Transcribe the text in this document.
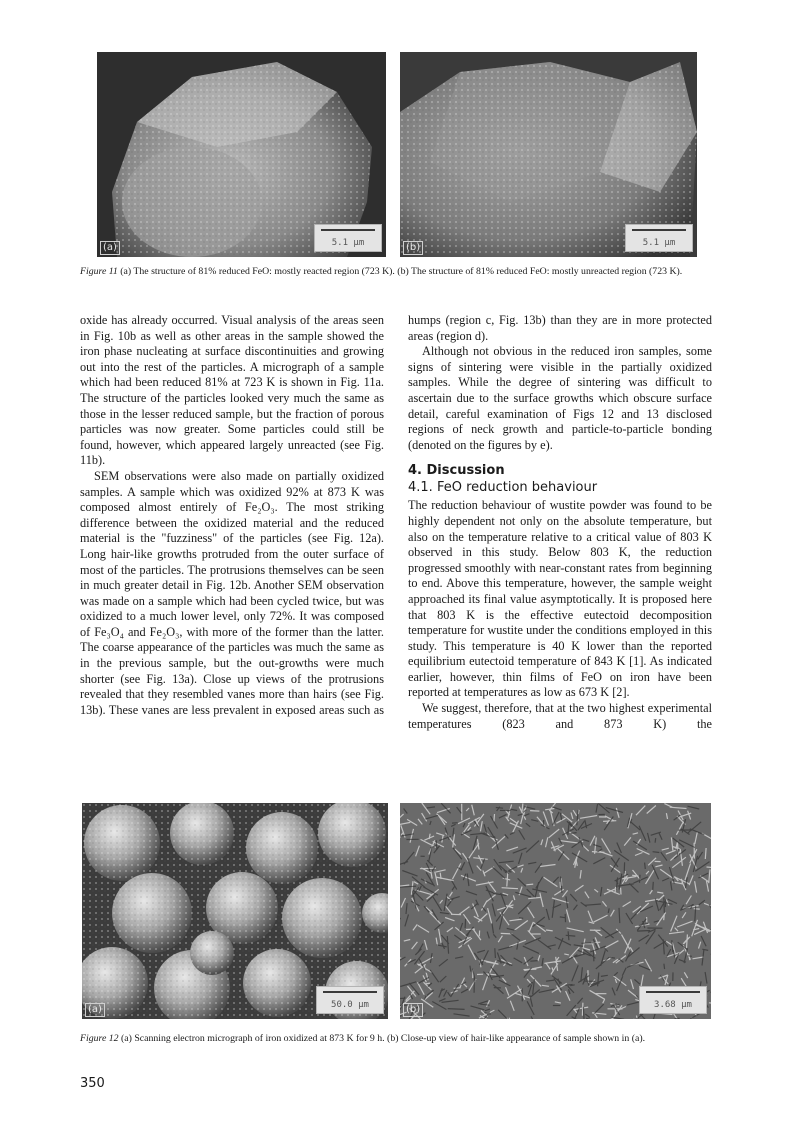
(a)	5.1 µm	(b)	5.1 µm
Figure 11 (a) The structure of 81% reduced FeO: mostly reacted region (723 K). (b) The structure of 81% reduced FeO: mostly unreacted region (723 K).

oxide has already occurred. Visual analysis of the areas seen in Fig. 10b as well as other areas in the sample showed the iron phase nucleating at surface discontinuities and growing out into the rest of the particles. A micrograph of a sample which had been reduced 81% at 723 K is shown in Fig. 11a. The structure of the particles looked very much the same as those in the lesser reduced sample, but the fraction of porous particles was now greater. Some particles could still be found, however, which appeared largely unreacted (see Fig. 11b).

SEM observations were also made on partially oxidized samples. A sample which was oxidized 92% at 873 K was composed almost entirely of Fe₂O₃. The most striking difference between the oxidized material and the reduced material is the "fuzziness" of the particles (see Fig. 12a). Long hair-like growths protruded from the outer surface of most of the particles. The protrusions themselves can be seen in much greater detail in Fig. 12b. Another SEM observation was made on a sample which had been cycled twice, but was oxidized to a much lower level, only 72%. It was composed of Fe₃O₄ and Fe₂O₃, with more of the former than the latter. The coarse appearance of the particles was much the same as in the previous sample, but the out-growths were much shorter (see Fig. 13a). Close up views of the protrusions revealed that they resembled vanes more than hairs (see Fig. 13b). These vanes are less prevalent in exposed areas such as

humps (region c, Fig. 13b) than they are in more protected areas (region d).

Although not obvious in the reduced iron samples, some signs of sintering were visible in the partially oxidized samples. While the degree of sintering was difficult to ascertain due to the surface growths which obscure surface detail, careful examination of Figs 12 and 13 disclosed regions of neck growth and particle-to-particle bonding (denoted on the figures by e).

4. Discussion
4.1. FeO reduction behaviour

The reduction behaviour of wustite powder was found to be highly dependent not only on the absolute temperature, but also on the temperature relative to a critical value of 803 K observed in this study. Below 803 K, the reduction progressed smoothly with near-constant rates from beginning to end. Above this temperature, however, the sample weight approached its final value asymptotically. It is proposed here that 803 K is the effective eutectoid decomposition temperature for wustite under the conditions employed in this study. This temperature is 40 K lower than the reported equilibrium eutectoid temperature of 843 K [1]. As indicated earlier, however, thin films of FeO on iron have been reported at temperatures as low as 673 K [2].

We suggest, therefore, that at the two highest experimental temperatures (823 and 873 K) the

(a)	50.0 µm	(b)	3.68 µm
Figure 12 (a) Scanning electron micrograph of iron oxidized at 873 K for 9 h. (b) Close-up view of hair-like appearance of sample shown in (a).
350
